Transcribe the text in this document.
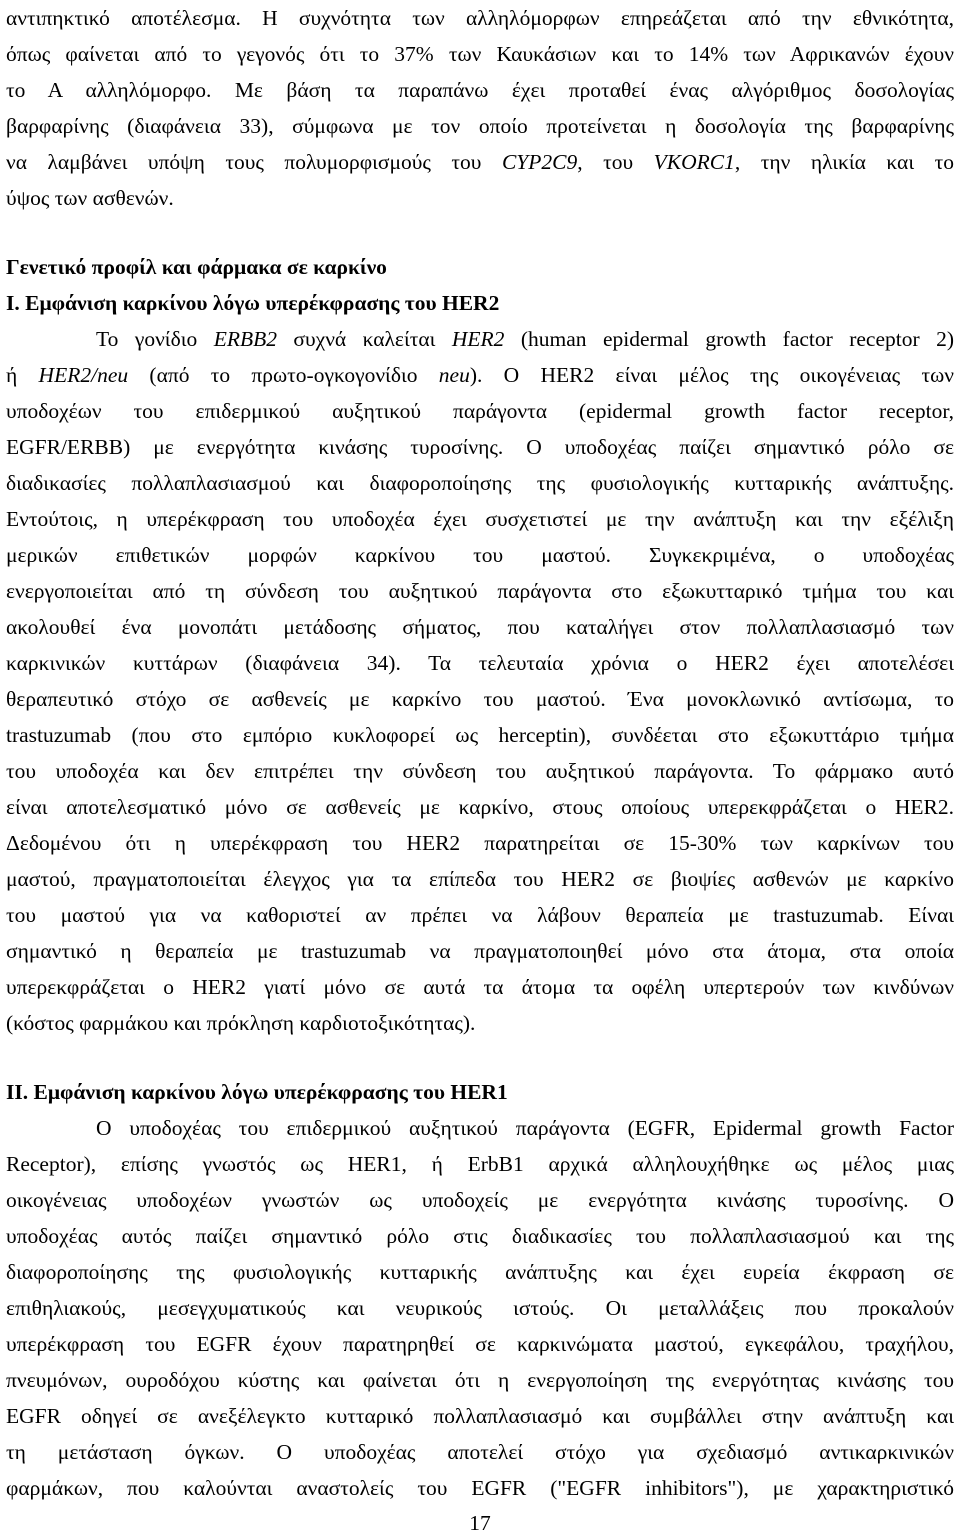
αντιπηκτικό αποτέλεσμα. Η συχνότητα των αλληλόμορφων επηρεάζεται από την εθνικότητα,
όπως φαίνεται από το γεγονός ότι το 37% των Καυκάσιων και το 14% των Αφρικανών έχουν
το Α αλληλόμορφο. Με βάση τα παραπάνω έχει προταθεί ένας αλγόριθμος δοσολογίας
βαρφαρίνης (διαφάνεια 33), σύμφωνα με τον οποίο προτείνεται η δοσολογία της βαρφαρίνης
να λαμβάνει υπόψη τους πολυμορφισμούς του CYP2C9, του VKORC1, την ηλικία και το
ύψος των ασθενών.
Γενετικό προφίλ και φάρμακα σε καρκίνο
I. Εμφάνιση καρκίνου λόγω υπερέκφρασης του HER2
Το γονίδιο ERBB2 συχνά καλείται HER2 (human epidermal growth factor receptor 2)
ή HER2/neu (από το πρωτο-ογκογονίδιο neu). Ο HER2 είναι μέλος της οικογένειας των
υποδοχέων του επιδερμικού αυξητικού παράγοντα (epidermal growth factor receptor,
EGFR/ERBB) με ενεργότητα κινάσης τυροσίνης. Ο υποδοχέας παίζει σημαντικό ρόλο σε
διαδικασίες πολλαπλασιασμού και διαφοροποίησης της φυσιολογικής κυτταρικής ανάπτυξης.
Εντούτοις, η υπερέκφραση του υποδοχέα έχει συσχετιστεί με την ανάπτυξη και την εξέλιξη
μερικών επιθετικών μορφών καρκίνου του μαστού. Συγκεκριμένα, ο υποδοχέας
ενεργοποιείται από τη σύνδεση του αυξητικού παράγοντα στο εξωκυτταρικό τμήμα του και
ακολουθεί ένα μονοπάτι μετάδοσης σήματος, που καταλήγει στον πολλαπλασιασμό των
καρκινικών κυττάρων (διαφάνεια 34). Τα τελευταία χρόνια ο HER2 έχει αποτελέσει
θεραπευτικό στόχο σε ασθενείς με καρκίνο του μαστού. Ένα μονοκλωνικό αντίσωμα, το
trastuzumab (που στο εμπόριο κυκλοφορεί ως herceptin), συνδέεται στο εξωκυττάριο τμήμα
του υποδοχέα και δεν επιτρέπει την σύνδεση του αυξητικού παράγοντα. Το φάρμακο αυτό
είναι αποτελεσματικό μόνο σε ασθενείς με καρκίνο, στους οποίους υπερεκφράζεται ο HER2.
Δεδομένου ότι η υπερέκφραση του HER2 παρατηρείται σε 15-30% των καρκίνων του
μαστού, πραγματοποιείται έλεγχος για τα επίπεδα του HER2 σε βιοψίες ασθενών με καρκίνο
του μαστού για να καθοριστεί αν πρέπει να λάβουν θεραπεία με trastuzumab. Είναι
σημαντικό η θεραπεία με trastuzumab να πραγματοποιηθεί μόνο στα άτομα, στα οποία
υπερεκφράζεται ο HER2 γιατί μόνο σε αυτά τα άτομα τα οφέλη υπερτερούν των κινδύνων
(κόστος φαρμάκου και πρόκληση καρδιοτοξικότητας).
II. Εμφάνιση καρκίνου λόγω υπερέκφρασης του HER1
Ο υποδοχέας του επιδερμικού αυξητικού παράγοντα (EGFR, Epidermal growth Factor
Receptor), επίσης γνωστός ως HER1, ή ErbB1 αρχικά αλληλουχήθηκε ως μέλος μιας
οικογένειας υποδοχέων γνωστών ως υποδοχείς με ενεργότητα κινάσης τυροσίνης. Ο
υποδοχέας αυτός παίζει σημαντικό ρόλο στις διαδικασίες του πολλαπλασιασμού και της
διαφοροποίησης της φυσιολογικής κυτταρικής ανάπτυξης και έχει ευρεία έκφραση σε
επιθηλιακούς, μεσεγχυματικούς και νευρικούς ιστούς. Οι μεταλλάξεις που προκαλούν
υπερέκφραση του EGFR έχουν παρατηρηθεί σε καρκινώματα μαστού, εγκεφάλου, τραχήλου,
πνευμόνων, ουροδόχου κύστης και φαίνεται ότι η ενεργοποίηση της ενεργότητας κινάσης του
EGFR οδηγεί σε ανεξέλεγκτο κυτταρικό πολλαπλασιασμό και συμβάλλει στην ανάπτυξη και
τη μετάσταση όγκων. Ο υποδοχέας αποτελεί στόχο για σχεδιασμό αντικαρκινικών
φαρμάκων, που καλούνται αναστολείς του EGFR ("EGFR inhibitors"), με χαρακτηριστικό
17
